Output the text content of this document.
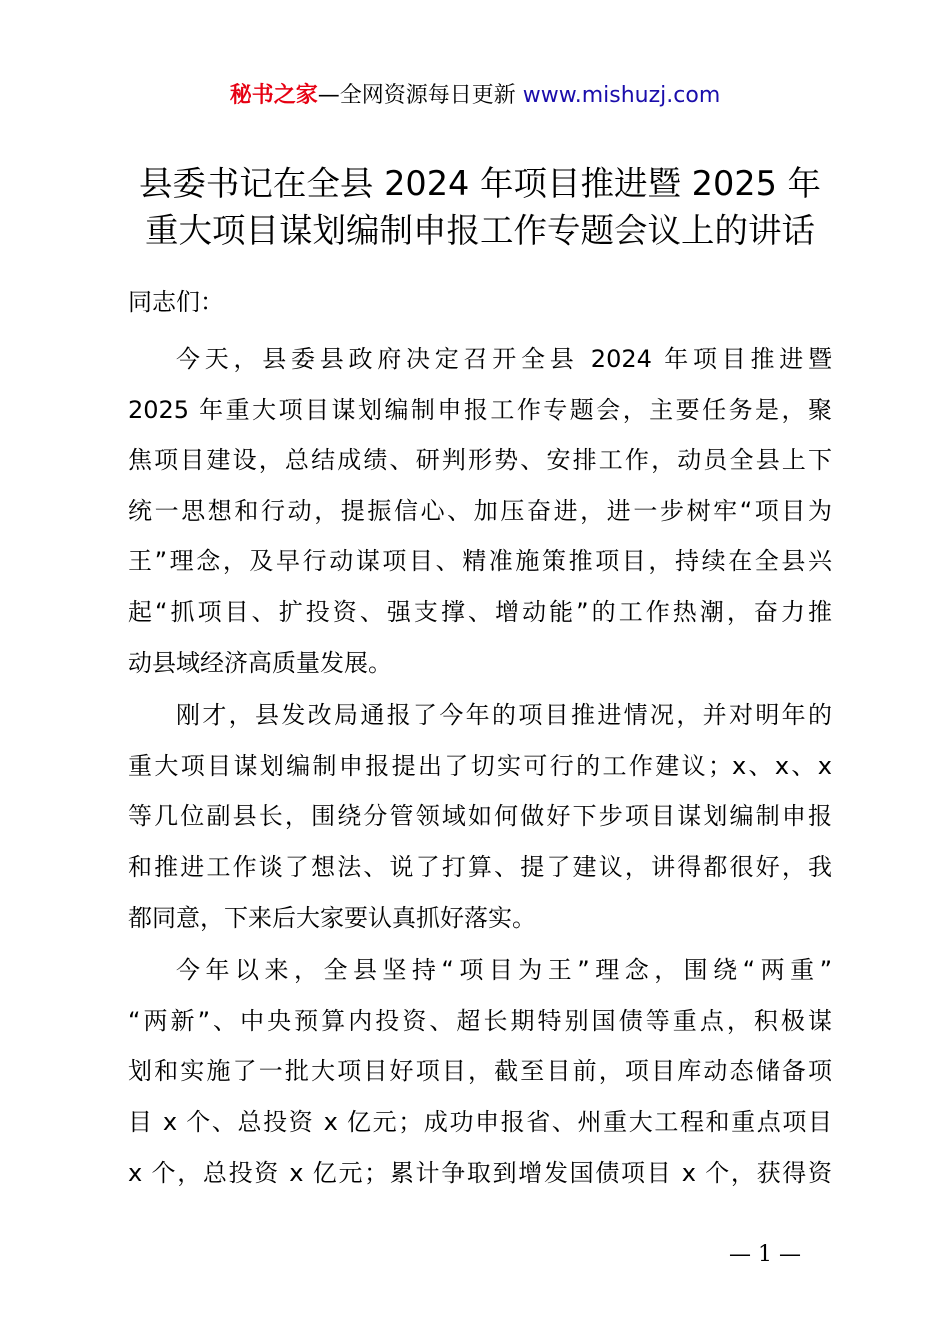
秘书之家—全网资源每日更新 www.mishuzj.com
县委书记在全县 2024 年项目推进暨 2025 年
重大项目谋划编制申报工作专题会议上的讲话

同志们：

今天，县委县政府决定召开全县 2024 年项目推进暨
2025 年重大项目谋划编制申报工作专题会，主要任务是，聚
焦项目建设，总结成绩、研判形势、安排工作，动员全县上下
统一思想和行动，提振信心、加压奋进，进一步树牢“项目为
王”理念，及早行动谋项目、精准施策推项目，持续在全县兴
起“抓项目、扩投资、强支撑、增动能”的工作热潮，奋力推
动县域经济高质量发展。
刚才，县发改局通报了今年的项目推进情况，并对明年的
重大项目谋划编制申报提出了切实可行的工作建议；x、x、x
等几位副县长，围绕分管领域如何做好下步项目谋划编制申报
和推进工作谈了想法、说了打算、提了建议，讲得都很好，我
都同意，下来后大家要认真抓好落实。
今年以来，全县坚持“项目为王”理念，围绕“两重”
“两新”、中央预算内投资、超长期特别国债等重点，积极谋
划和实施了一批大项目好项目，截至目前，项目库动态储备项
目 x 个、总投资 x 亿元；成功申报省、州重大工程和重点项目
x 个，总投资 x 亿元；累计争取到增发国债项目 x 个，获得资
— 1 —
